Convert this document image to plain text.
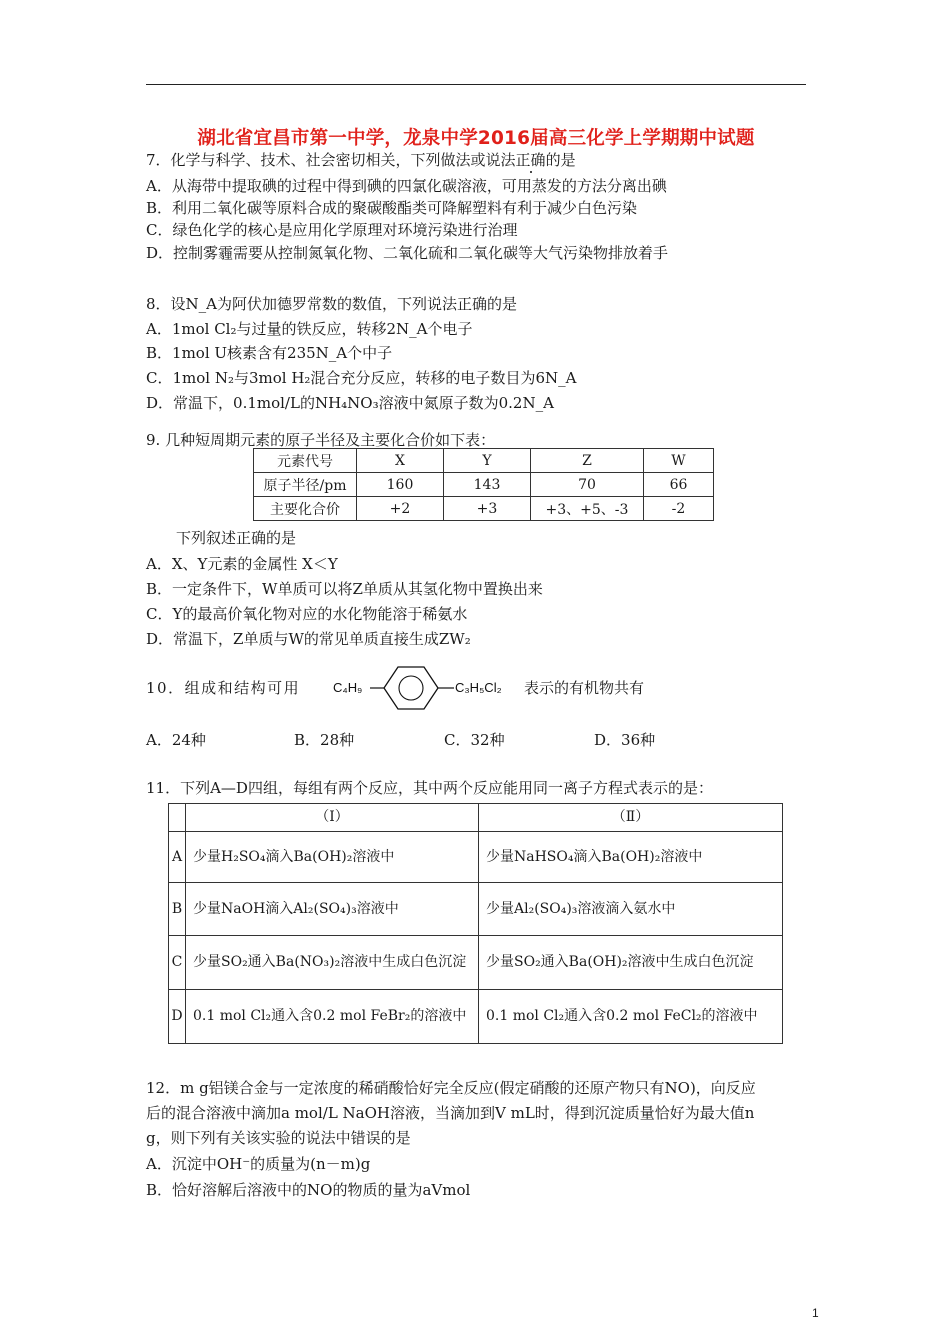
湖北省宜昌市第一中学，龙泉中学2016届高三化学上学期期中试题
7．化学与科学、技术、社会密切相关，下列做法或说法正确的是
A．从海带中提取碘的过程中得到碘的四氯化碳溶液，可用蒸发的方法分离出碘
B．利用二氧化碳等原料合成的聚碳酸酯类可降解塑料有利于减少白色污染
C．绿色化学的核心是应用化学原理对环境污染进行治理
D．控制雾霾需要从控制氮氧化物、二氧化硫和二氧化碳等大气污染物排放着手
8．设N_A为阿伏加德罗常数的数值，下列说法正确的是
A．1mol Cl₂与过量的铁反应，转移2N_A个电子
B．1mol U核素含有235N_A个中子
C．1mol N₂与3mol H₂混合充分反应，转移的电子数目为6N_A
D．常温下，0.1mol/L的NH₄NO₃溶液中氮原子数为0.2N_A
9. 几种短周期元素的原子半径及主要化合价如下表：
元素代号	X	Y	Z	W
原子半径/pm	160	143	70	66
主要化合价	+2	+3	+3、+5、-3	-2
下列叙述正确的是
A．X、Y元素的金属性 X＜Y
B．一定条件下，W单质可以将Z单质从其氢化物中置换出来
C．Y的最高价氧化物对应的水化物能溶于稀氨水
D．常温下，Z单质与W的常见单质直接生成ZW₂
10．组成和结构可用	C₄H₉	C₃H₅Cl₂ 表示的有机物共有
A．24种	B．28种	C．32种	D．36种
11．下列A—D四组，每组有两个反应，其中两个反应能用同一离子方程式表示的是：
	（Ⅰ）	（Ⅱ）
A	少量H₂SO₄滴入Ba(OH)₂溶液中	少量NaHSO₄滴入Ba(OH)₂溶液中
B	少量NaOH滴入Al₂(SO₄)₃溶液中	少量Al₂(SO₄)₃溶液滴入氨水中
C	少量SO₂通入Ba(NO₃)₂溶液中生成白色沉淀	少量SO₂通入Ba(OH)₂溶液中生成白色沉淀
D	0.1 mol Cl₂通入含0.2 mol FeBr₂的溶液中	0.1 mol Cl₂通入含0.2 mol FeCl₂的溶液中
12．m g铝镁合金与一定浓度的稀硝酸恰好完全反应(假定硝酸的还原产物只有NO)，向反应
后的混合溶液中滴加a mol/L NaOH溶液，当滴加到V mL时，得到沉淀质量恰好为最大值n
g，则下列有关该实验的说法中错误的是
A．沉淀中OH⁻的质量为(n－m)g
B．恰好溶解后溶液中的NO的物质的量为aVmol
1
